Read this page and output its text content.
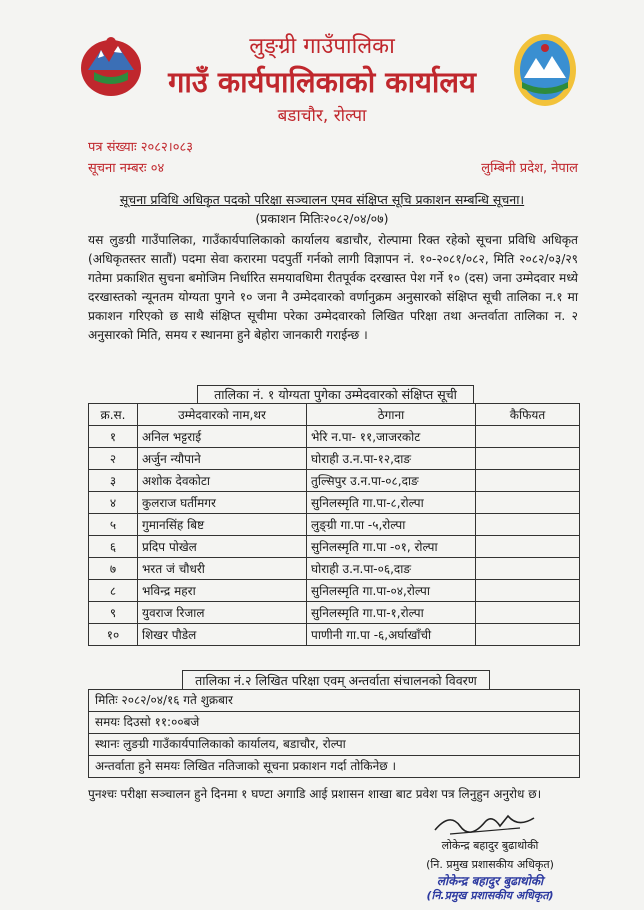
लुङ्ग्री गाउँपालिका
गाउँ कार्यपालिकाको कार्यालय
बडाचौर, रोल्पा
पत्र संख्याः २०८२।०८३
सूचना नम्बरः ०४	लुम्बिनी प्रदेश, नेपाल
सूचना प्रविधि अधिकृत पदको परिक्षा सञ्चालन एमव संक्षिप्त सूचि प्रकाशन सम्बन्धि सूचना।
(प्रकाशन मितिः२०८२/०४/०७)
यस लुङग्री गाउँपालिका, गाउँकार्यपालिकाको कार्यालय बडाचौर, रोल्पामा रिक्त रहेको सूचना प्रविधि अधिकृत (अधिकृतस्तर सातौं) पदमा सेवा करारमा पदपुर्ती गर्नको लागी विज्ञापन नं. १०-२०८१/०८२, मिति २०८२/०३/२९ गतेमा प्रकाशित सुचना बमोजिम निर्धारित समयावधिमा रीतपूर्वक दरखास्त पेश गर्ने १० (दस) जना उम्मेदवार मध्ये दरखास्तको न्यूनतम योग्यता पुगने १० जना नै उम्मेदवारको वर्णानुक्रम अनुसारको संक्षिप्त सूची तालिका न.१ मा प्रकाशन गरिएको छ साथै संक्षिप्त सूचीमा परेका उम्मेदवारको लिखित परिक्षा तथा अन्तर्वाता तालिका न. २ अनुसारको मिति, समय र स्थानमा हुने बेहोरा जानकारी गराईन्छ ।
तालिका नं. १ योग्यता पुगेका उम्मेदवारको संक्षिप्त सूची
क्र.स.	उम्मेदवारको नाम,थर	ठेगाना	कैफियत
१	अनिल भट्टराई	भेरि न.पा- ११,जाजरकोट	
२	अर्जुन न्यौपाने	घोराही उ.न.पा-१२,दाङ	
३	अशोक देवकोटा	तुल्सिपुर उ.न.पा-०८,दाङ	
४	कुलराज घर्तीमगर	सुनिलस्मृति गा.पा-८,रोल्पा	
५	गुमानसिंह बिष्ट	लुङ्ग्री गा.पा -५,रोल्पा	
६	प्रदिप पोखेल	सुनिलस्मृति गा.पा -०१, रोल्पा	
७	भरत जं चौधरी	घोराही उ.न.पा-०६,दाङ	
८	भविन्द्र महरा	सुनिलस्मृति गा.पा-०४,रोल्पा	
९	युवराज रिजाल	सुनिलस्मृति गा.पा-१,रोल्पा	
१०	शिखर पौडेल	पाणीनी गा.पा -६,अर्घाखाँची	
तालिका नं.२ लिखित परिक्षा एवम् अन्तर्वाता संचालनको विवरण
मितिः २०८२/०४/१६ गते शुक्रबार
समयः दिउसो ११:००बजे
स्थानः लुङग्री गाउँकार्यपालिकाको कार्यालय, बडाचौर, रोल्पा
अन्तर्वाता हुने समयः लिखित नतिजाको सूचना प्रकाशन गर्दा तोकिनेछ ।
पुनश्चः परीक्षा सञ्चालन हुने दिनमा १ घण्टा अगाडि आई प्रशासन शाखा बाट प्रवेश पत्र लिनुहुन अनुरोध छ।
लोकेन्द्र बहादुर बुढाथोकी
(नि. प्रमुख प्रशासकीय अधिकृत)
लोकेन्द्र बहादुर बुढाथोकी
(नि.प्रमुख प्रशासकीय अधिकृत)
